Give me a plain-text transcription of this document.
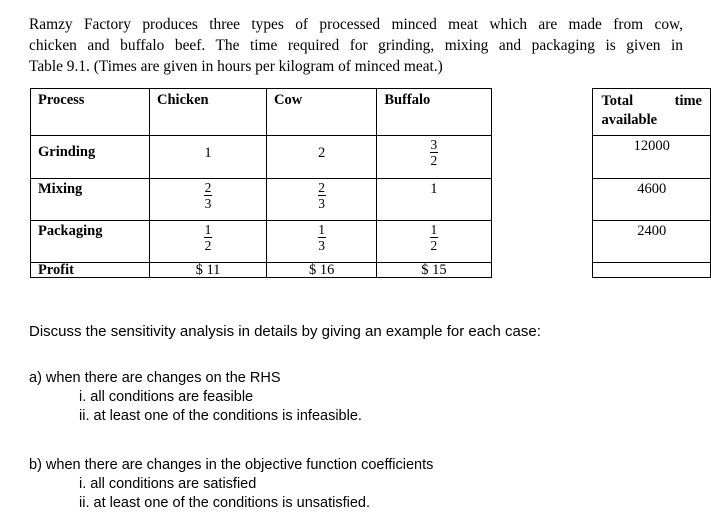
Ramzy Factory produces three types of processed minced meat which are made from cow,
chicken and buffalo beef. The time required for grinding, mixing and packaging is given in
Table 9.1. (Times are given in hours per kilogram of minced meat.)
Process	Chicken	Cow	Buffalo		Total time
available

Grinding	1	2	$\frac{3}{2}$		12000
Mixing	$\frac{2}{3}$	$\frac{2}{3}$	1		4600
Packaging	$\frac{1}{2}$	$\frac{1}{3}$	$\frac{1}{2}$		2400
Profit	$ 11	$ 16	$ 15		
Discuss the sensitivity analysis in details by giving an example for each case:
a) when there are changes on the RHS
i. all conditions are feasible
ii. at least one of the conditions is infeasible.
b) when there are changes in the objective function coefficients
i. all conditions are satisfied
ii. at least one of the conditions is unsatisfied.
